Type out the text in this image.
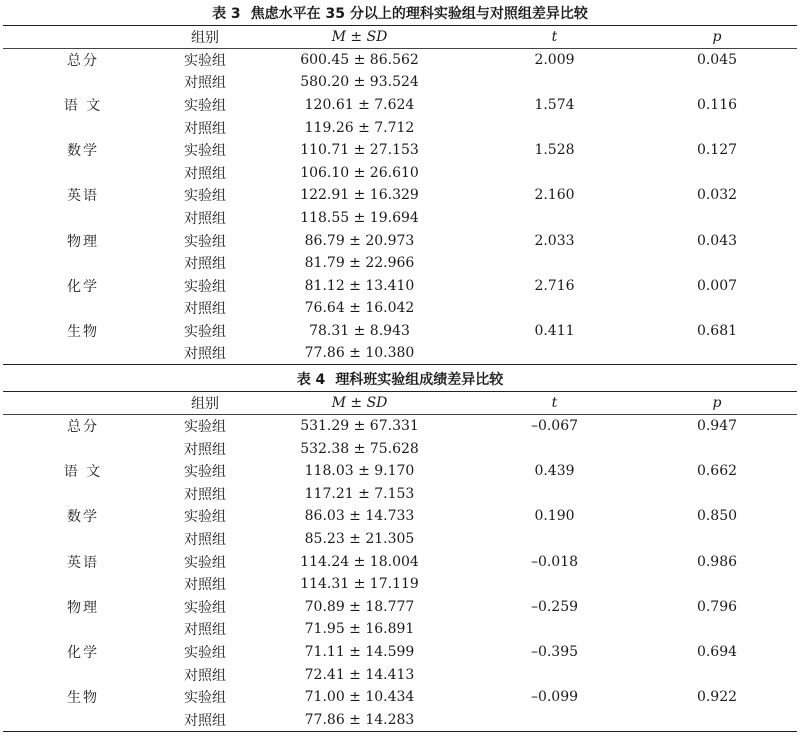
表 3 焦虑水平在 35 分以上的理科实验组与对照组差异比较
	组别	M ± SD	t	p
总分	实验组	600.45 ± 86.562	2.009	0.045
	对照组	580.20 ± 93.524		
语 文	实验组	120.61 ± 7.624	1.574	0.116
	对照组	119.26 ± 7.712		
数学	实验组	110.71 ± 27.153	1.528	0.127
	对照组	106.10 ± 26.610		
英语	实验组	122.91 ± 16.329	2.160	0.032
	对照组	118.55 ± 19.694		
物理	实验组	86.79 ± 20.973	2.033	0.043
	对照组	81.79 ± 22.966		
化学	实验组	81.12 ± 13.410	2.716	0.007
	对照组	76.64 ± 16.042		
生物	实验组	78.31 ± 8.943	0.411	0.681
	对照组	77.86 ± 10.380		
表 4 理科班实验组成绩差异比较
	组别	M ± SD	t	p
总分	实验组	531.29 ± 67.331	–0.067	0.947
	对照组	532.38 ± 75.628		
语 文	实验组	118.03 ± 9.170	0.439	0.662
	对照组	117.21 ± 7.153		
数学	实验组	86.03 ± 14.733	0.190	0.850
	对照组	85.23 ± 21.305		
英语	实验组	114.24 ± 18.004	–0.018	0.986
	对照组	114.31 ± 17.119		
物理	实验组	70.89 ± 18.777	–0.259	0.796
	对照组	71.95 ± 16.891		
化学	实验组	71.11 ± 14.599	–0.395	0.694
	对照组	72.41 ± 14.413		
生物	实验组	71.00 ± 10.434	–0.099	0.922
	对照组	77.86 ± 14.283		
